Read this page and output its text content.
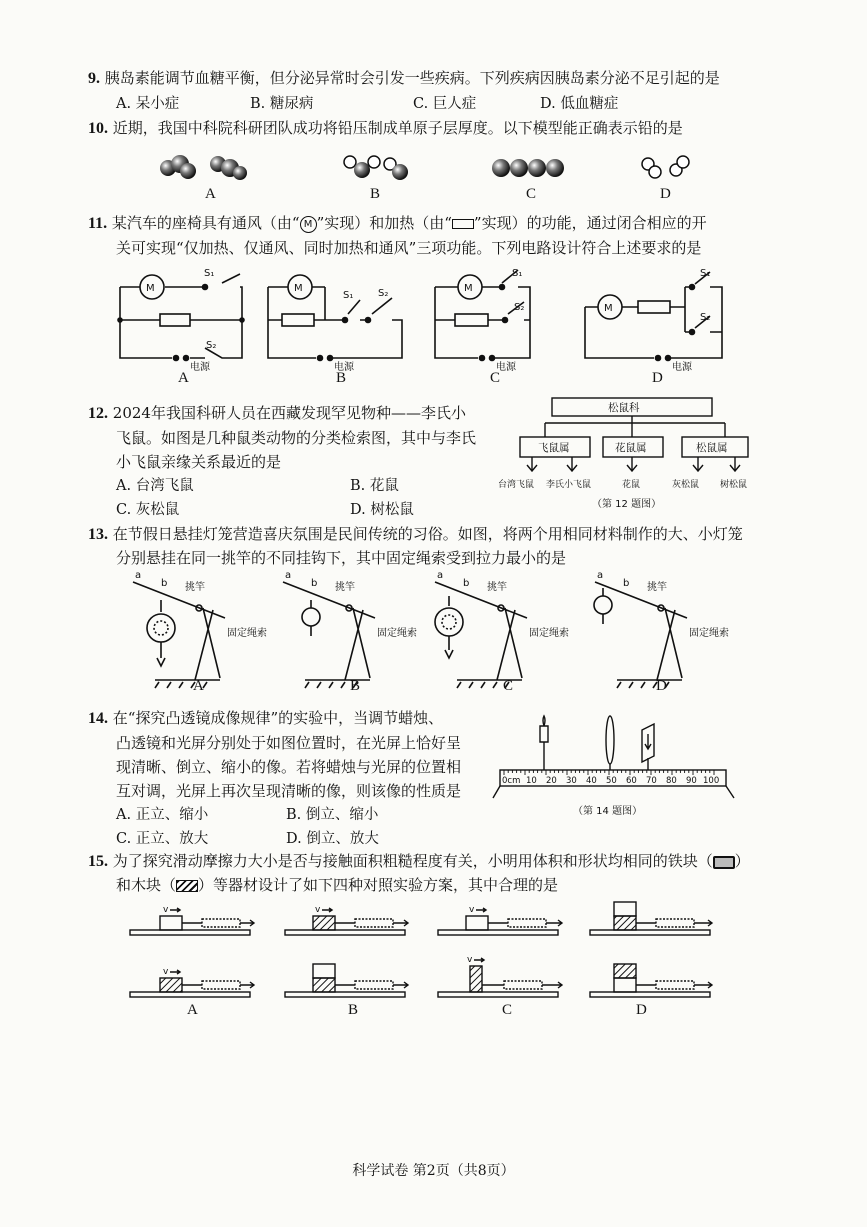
9. 胰岛素能调节血糖平衡，但分泌异常时会引发一些疾病。下列疾病因胰岛素分泌不足引起的是
A. 呆小症	B. 糖尿病	C. 巨人症	D. 低血糖症
10. 近期，我国中科院科研团队成功将铅压制成单原子层厚度。以下模型能正确表示铅的是
A	B	C	D
11. 某汽车的座椅具有通风（由“ M ”实现）和加热（由“ ”实现）的功能，通过闭合相应的开
关可实现“仅加热、仅通风、同时加热和通风”三项功能。下列电路设计符合上述要求的是
M	M	M
M
S₁
S₂
S₁ S₂
S₁
S₂
S₁
S₂
电源	电源	电源	电源
A	B	C	D
12. 2024年我国科研人员在西藏发现罕见物种——李氏小
飞鼠。如图是几种鼠类动物的分类检索图，其中与李氏
小飞鼠亲缘关系最近的是
A. 台湾飞鼠	B. 花鼠
C. 灰松鼠	D. 树松鼠
松鼠科
飞鼠属	花鼠属	松鼠属
台湾飞鼠 李氏小飞鼠	花鼠	灰松鼠 树松鼠
（第 12 题图）
13. 在节假日悬挂灯笼营造喜庆氛围是民间传统的习俗。如图，将两个用相同材料制作的大、小灯笼
分别悬挂在同一挑竿的不同挂钩下，其中固定绳索受到拉力最小的是
a
b 挑竿
固定绳索
a
b 挑竿
固定绳索
a
b 挑竿
固定绳索
a
b 挑竿
固定绳索
A	B	C	D
14. 在“探究凸透镜成像规律”的实验中，当调节蜡烛、
凸透镜和光屏分别处于如图位置时，在光屏上恰好呈
现清晰、倒立、缩小的像。若将蜡烛与光屏的位置相
互对调，光屏上再次呈现清晰的像，则该像的性质是
A. 正立、缩小	B. 倒立、缩小
C. 正立、放大	D. 倒立、放大
0cm 10 20 30 40 50 60 70 80 90 100
（第 14 题图）
15. 为了探究滑动摩擦力大小是否与接触面积粗糙程度有关，小明用体积和形状均相同的铁块（ ）
和木块（ ）等器材设计了如下四种对照实验方案，其中合理的是
v	v	v
v
v
A	B	C	D
科学试卷 第2页（共8页）
